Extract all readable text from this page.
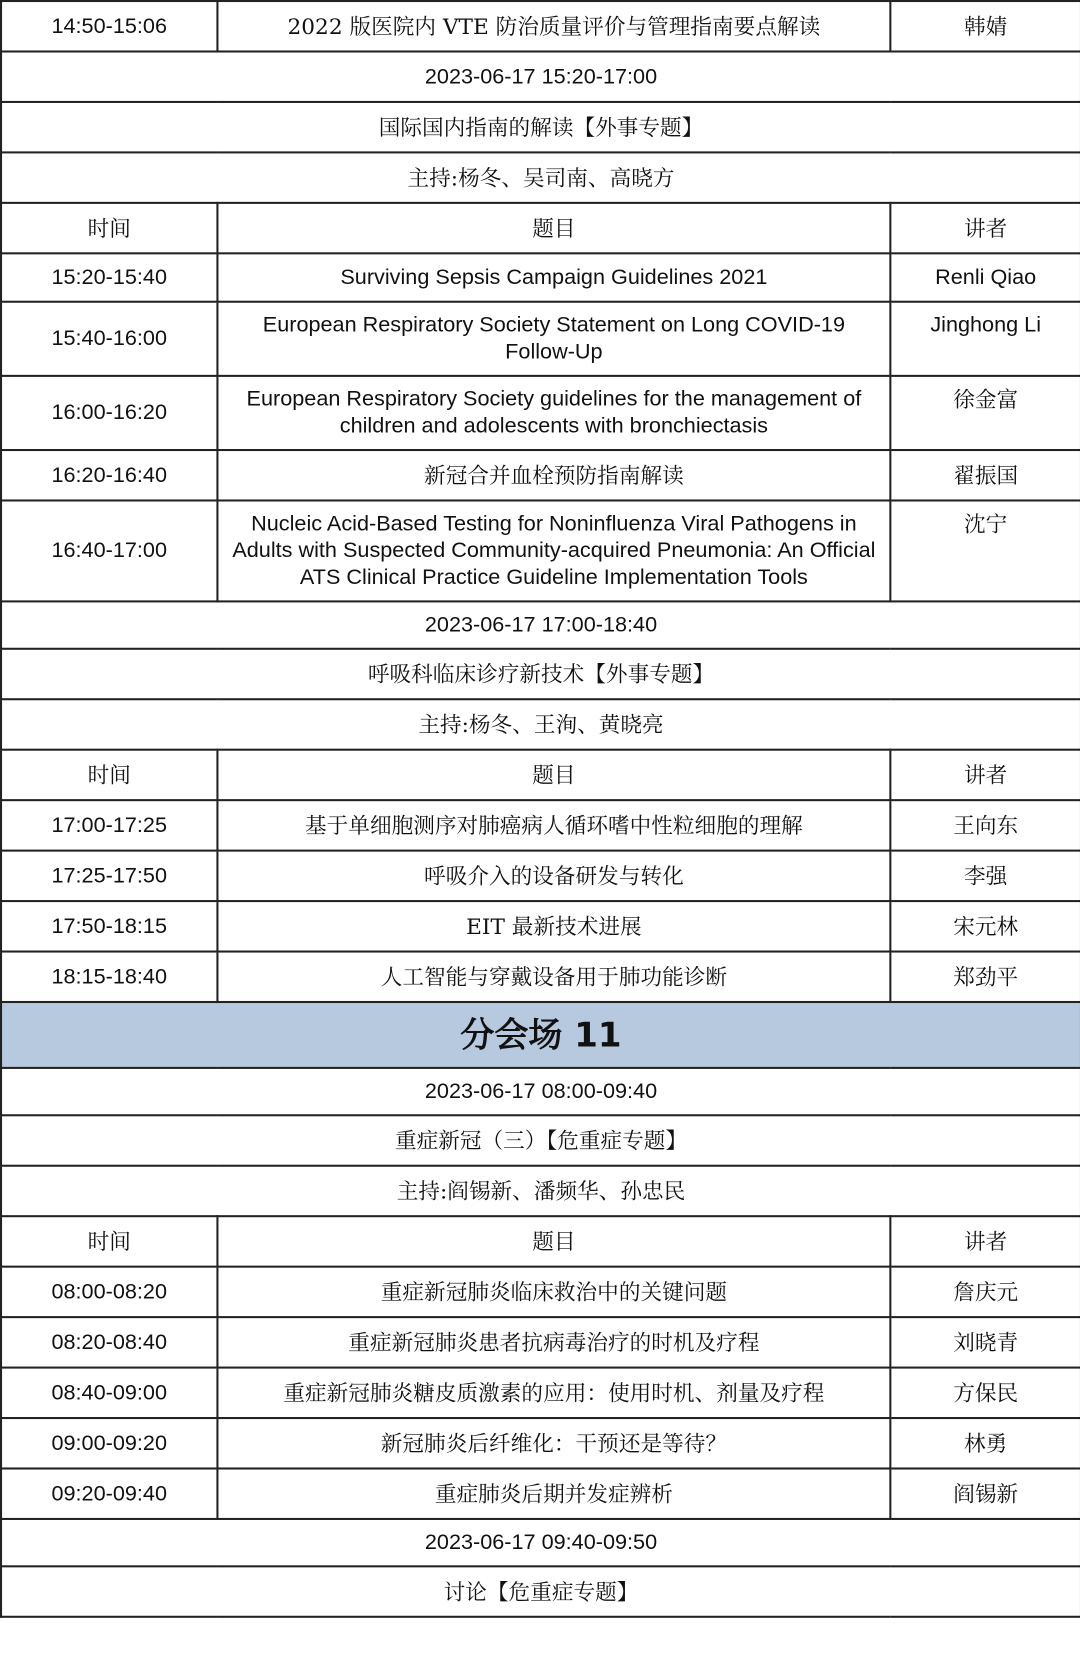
14:50-15:06	2022 版医院内 VTE 防治质量评价与管理指南要点解读	韩婧
2023-06-17 15:20-17:00		
国际国内指南的解读【外事专题】		
主持:杨冬、吴司南、高晓方		
时间	题目	讲者
15:20-15:40	Surviving Sepsis Campaign Guidelines 2021	Renli Qiao
15:40-16:00	European Respiratory Society Statement on Long COVID-19 Follow-Up	Jinghong Li
16:00-16:20	European Respiratory Society guidelines for the management of children and adolescents with bronchiectasis	徐金富
16:20-16:40	新冠合并血栓预防指南解读	翟振国
16:40-17:00	Nucleic Acid-Based Testing for Noninfluenza Viral Pathogens in Adults with Suspected Community-acquired Pneumonia: An Official ATS Clinical Practice Guideline Implementation Tools	沈宁
2023-06-17 17:00-18:40		
呼吸科临床诊疗新技术【外事专题】		
主持:杨冬、王洵、黄晓亮		
时间	题目	讲者
17:00-17:25	基于单细胞测序对肺癌病人循环嗜中性粒细胞的理解	王向东
17:25-17:50	呼吸介入的设备研发与转化	李强
17:50-18:15	EIT 最新技术进展	宋元林
18:15-18:40	人工智能与穿戴设备用于肺功能诊断	郑劲平
分会场 11		
2023-06-17 08:00-09:40		
重症新冠（三）【危重症专题】		
主持:阎锡新、潘频华、孙忠民		
时间	题目	讲者
08:00-08:20	重症新冠肺炎临床救治中的关键问题	詹庆元
08:20-08:40	重症新冠肺炎患者抗病毒治疗的时机及疗程	刘晓青
08:40-09:00	重症新冠肺炎糖皮质激素的应用：使用时机、剂量及疗程	方保民
09:00-09:20	新冠肺炎后纤维化：干预还是等待？	林勇
09:20-09:40	重症肺炎后期并发症辨析	阎锡新
2023-06-17 09:40-09:50		
讨论【危重症专题】		
